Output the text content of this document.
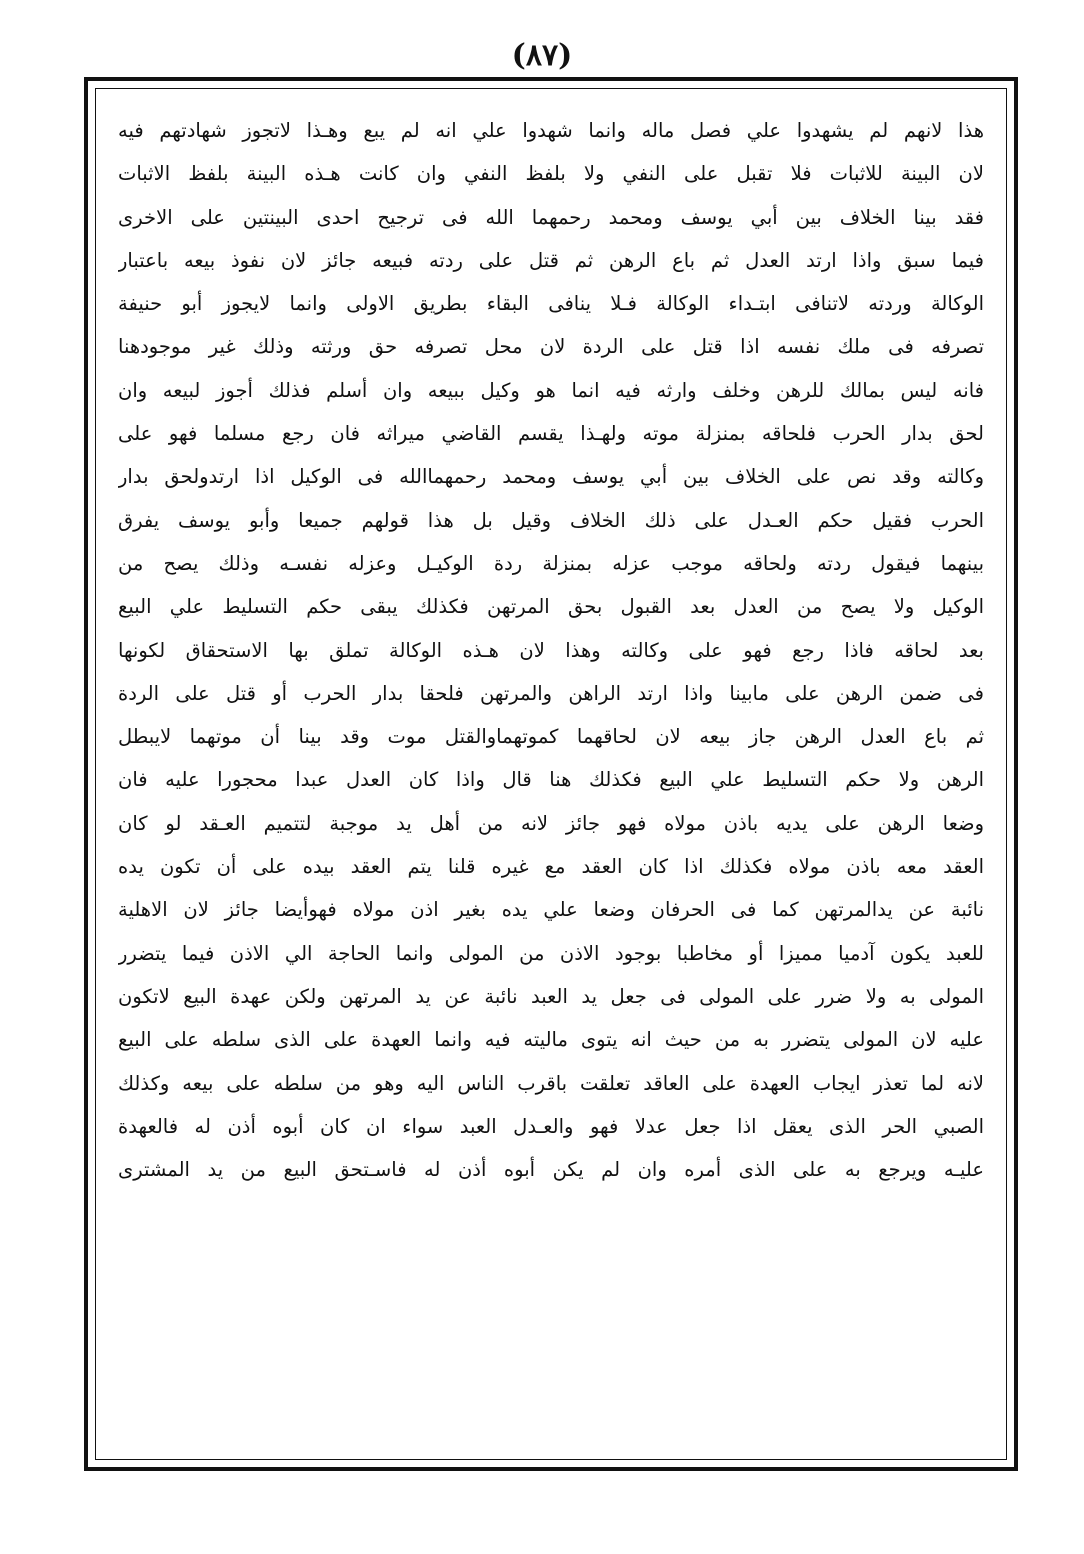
(٨٧)
هذا لانهم لم يشهدوا علي فصل ماله وانما شهدوا علي انه لم يبع وهـذا لاتجوز شهادتهم فيه
لان البينة للاثبات فلا تقبل على النفي ولا بلفظ النفي وان كانت هـذه البينة بلفظ الاثبات
فقد بينا الخلاف بين أبي يوسف ومحمد رحمهما الله فى ترجيح احدى البينتين على الاخرى
فيما سبق واذا ارتد العدل ثم باع الرهن ثم قتل على ردته فبيعه جائز لان نفوذ بيعه باعتبار
الوكالة وردته لاتنافى ابتـداء الوكالة فـلا ينافى البقاء بطريق الاولى وانما لايجوز أبو حنيفة
تصرفه فى ملك نفسه اذا قتل على الردة لان محل تصرفه حق ورثته وذلك غير موجودهنا
فانه ليس بمالك للرهن وخلف وارثه فيه انما هو وكيل ببيعه وان أسلم فذلك أجوز لبيعه وان
لحق بدار الحرب فلحاقه بمنزلة موته ولهـذا يقسم القاضي ميراثه فان رجع مسلما فهو على
وكالته وقد نص على الخلاف بين أبي يوسف ومحمد رحمهماالله فى الوكيل اذا ارتدولحق بدار
الحرب فقيل حكم العـدل على ذلك الخلاف وقيل بل هذا قولهم جميعا وأبو يوسف يفرق
بينهما فيقول ردته ولحاقه موجب عزله بمنزلة ردة الوكيـل وعزله نفسـه وذلك يصح من
الوكيل ولا يصح من العدل بعد القبول بحق المرتهن فكذلك يبقى حكم التسليط علي البيع
بعد لحاقه فاذا رجع فهو على وكالته وهذا لان هـذه الوكالة تملق بها الاستحقاق لكونها
فى ضمن الرهن على مابينا واذا ارتد الراهن والمرتهن فلحقا بدار الحرب أو قتل على الردة
ثم باع العدل الرهن جاز بيعه لان لحاقهما كموتهماوالقتل موت وقد بينا أن موتهما لايبطل
الرهن ولا حكم التسليط علي البيع فكذلك هنا قال واذا كان العدل عبدا محجورا عليه فان
وضعا الرهن على يديه باذن مولاه فهو جائز لانه من أهل يد موجبة لتتميم العـقد لو كان
العقد معه باذن مولاه فكذلك اذا كان العقد مع غيره قلنا يتم العقد بيده على أن تكون يده
نائبة عن يدالمرتهن كما فى الحرفان وضعا علي يده بغير اذن مولاه فهوأيضا جائز لان الاهلية
للعبد يكون آدميا مميزا أو مخاطبا بوجود الاذن من المولى وانما الحاجة الي الاذن فيما يتضرر
المولى به ولا ضرر على المولى فى جعل يد العبد نائبة عن يد المرتهن ولكن عهدة البيع لاتكون
عليه لان المولى يتضرر به من حيث انه يتوى ماليته فيه وانما العهدة على الذى سلطه على البيع
لانه لما تعذر ايجاب العهدة على العاقد تعلقت باقرب الناس اليه وهو من سلطه على بيعه وكذلك
الصبي الحر الذى يعقل اذا جعل عدلا فهو والعـدل العبد سواء ان كان أبوه أذن له فالعهدة
عليـه ويرجع به على الذى أمره وان لم يكن أبوه أذن له فاسـتحق البيع من يد المشترى
